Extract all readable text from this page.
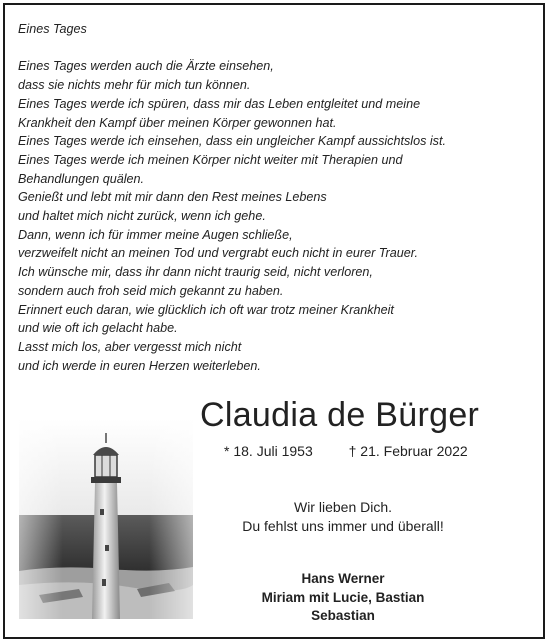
Eines Tages
Eines Tages werden auch die Ärzte einsehen,
dass sie nichts mehr für mich tun können.
Eines Tages werde ich spüren, dass mir das Leben entgleitet und meine
Krankheit den Kampf über meinen Körper gewonnen hat.
Eines Tages werde ich einsehen, dass ein ungleicher Kampf aussichtslos ist.
Eines Tages werde ich meinen Körper nicht weiter mit Therapien und
Behandlungen quälen.
Genießt und lebt mit mir dann den Rest meines Lebens
und haltet mich nicht zurück, wenn ich gehe.
Dann, wenn ich für immer meine Augen schließe,
verzweifelt nicht an meinen Tod und vergrabt euch nicht in eurer Trauer.
Ich wünsche mir, dass ihr dann nicht traurig seid, nicht verloren,
sondern auch froh seid mich gekannt zu haben.
Erinnert euch daran, wie glücklich ich oft war trotz meiner Krankheit
und wie oft ich gelacht habe.
Lasst mich los, aber vergesst mich nicht
und ich werde in euren Herzen weiterleben.
Claudia de Bürger
* 18. Juli 1953	† 21. Februar 2022
Wir lieben Dich.
Du fehlst uns immer und überall!
Hans Werner
Miriam mit Lucie, Bastian
Sebastian
